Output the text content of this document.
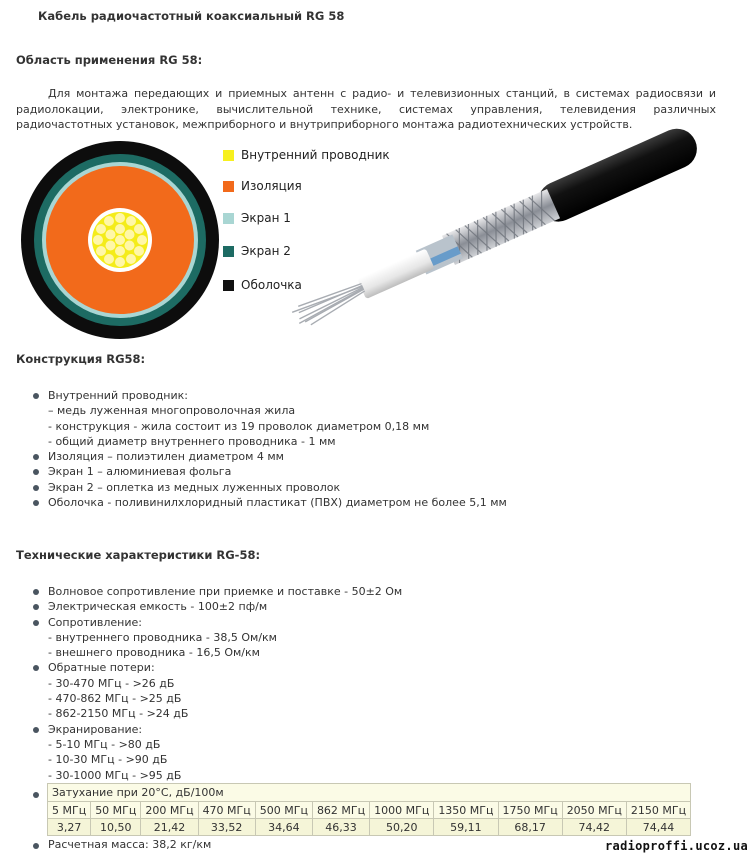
Кабель радиочастотный коаксиальный RG 58
Область применения RG 58:
Для монтажа передающих и приемных антенн с радио- и телевизионных станций, в системах радиосвязи и радиолокации, электронике, вычислительной технике, системах управления, телевидения различных радиочастотных установок, межприборного и внутриприборного монтажа радиотехнических устройств.
Внутренний проводник
Изоляция
Экран 1
Экран 2
Оболочка
Конструкция RG58:
Внутренний проводник:
– медь луженная многопроволочная жила
- конструкция - жила состоит из 19 проволок диаметром 0,18 мм
- общий диаметр внутреннего проводника - 1 мм
Изоляция – полиэтилен диаметром 4 мм
Экран 1 – алюминиевая фольга
Экран 2 – оплетка из медных луженных проволок
Оболочка - поливинилхлоридный пластикат (ПВХ) диаметром не более 5,1 мм
Технические характеристики RG-58:
Волновое сопротивление при приемке и поставке - 50±2 Ом
Электрическая емкость - 100±2 пф/м
Сопротивление:
- внутреннего проводника - 38,5 Ом/км
- внешнего проводника - 16,5 Ом/км
Обратные потери:
- 30-470 МГц - >26 дБ
- 470-862 МГц - >25 дБ
- 862-2150 МГц - >24 дБ
Экранирование:
- 5-10 МГц - >80 дБ
- 10-30 МГц - >90 дБ
- 30-1000 МГц - >95 дБ
Затухание при 20°С, дБ/100м										
5 МГц	50 МГц	200 МГц	470 МГц	500 МГц	862 МГц	1000 МГц	1350 МГц	1750 МГц	2050 МГц	2150 МГц
3,27	10,50	21,42	33,52	34,64	46,33	50,20	59,11	68,17	74,42	74,44
Расчетная масса: 38,2 кг/км	radioproffi.ucoz.ua
